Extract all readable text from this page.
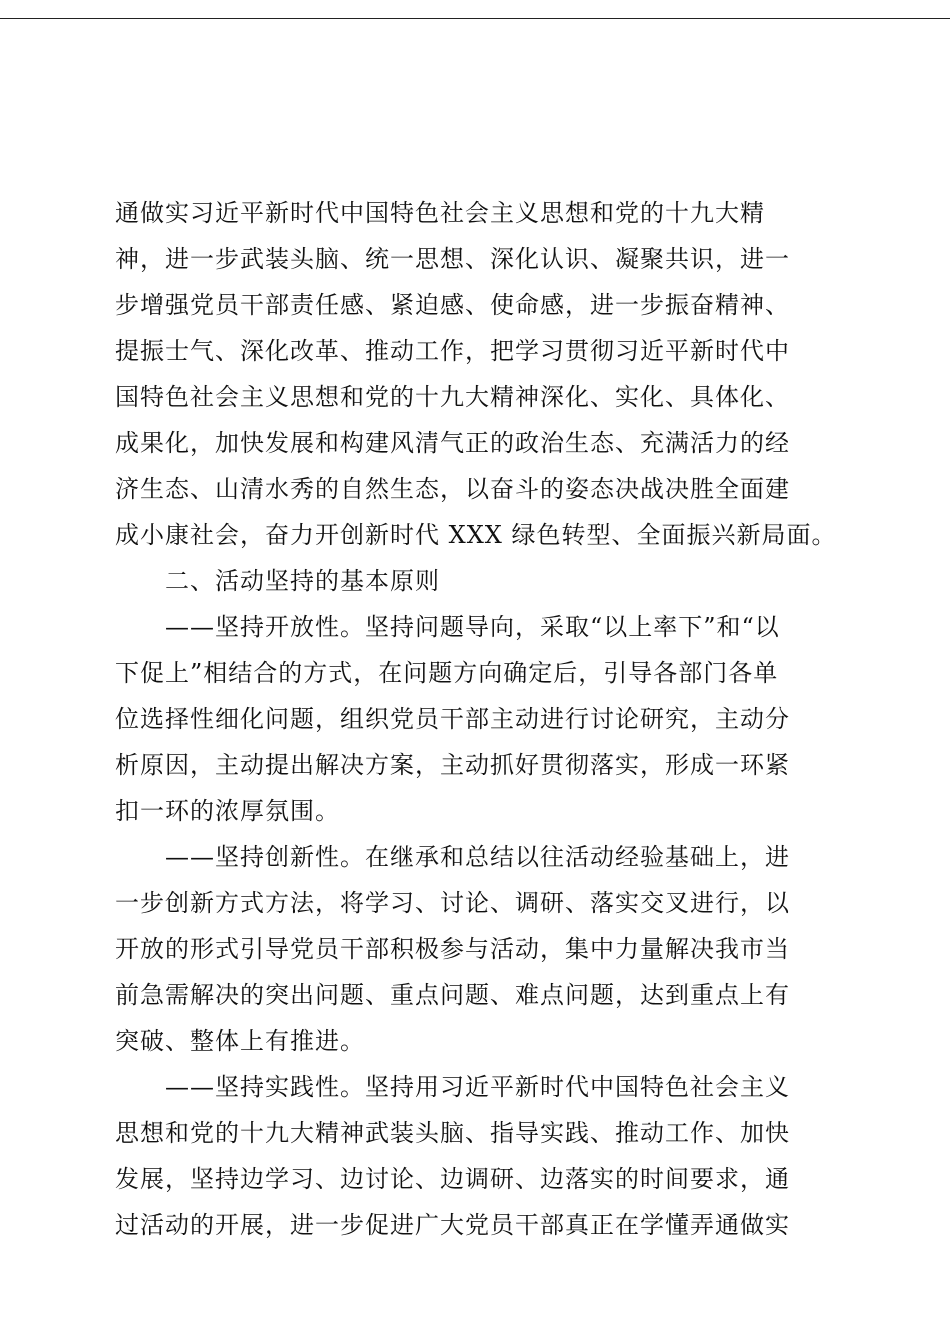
通做实习近平新时代中国特色社会主义思想和党的十九大精
神，进一步武装头脑、统一思想、深化认识、凝聚共识，进一
步增强党员干部责任感、紧迫感、使命感，进一步振奋精神、
提振士气、深化改革、推动工作，把学习贯彻习近平新时代中
国特色社会主义思想和党的十九大精神深化、实化、具体化、
成果化，加快发展和构建风清气正的政治生态、充满活力的经
济生态、山清水秀的自然生态，以奋斗的姿态决战决胜全面建
成小康社会，奋力开创新时代 XXX 绿色转型、全面振兴新局面。
　　二、活动坚持的基本原则
　　——坚持开放性。坚持问题导向，采取“以上率下”和“以
下促上”相结合的方式，在问题方向确定后，引导各部门各单
位选择性细化问题，组织党员干部主动进行讨论研究，主动分
析原因，主动提出解决方案，主动抓好贯彻落实，形成一环紧
扣一环的浓厚氛围。
　　——坚持创新性。在继承和总结以往活动经验基础上，进
一步创新方式方法，将学习、讨论、调研、落实交叉进行，以
开放的形式引导党员干部积极参与活动，集中力量解决我市当
前急需解决的突出问题、重点问题、难点问题，达到重点上有
突破、整体上有推进。
　　——坚持实践性。坚持用习近平新时代中国特色社会主义
思想和党的十九大精神武装头脑、指导实践、推动工作、加快
发展，坚持边学习、边讨论、边调研、边落实的时间要求，通
过活动的开展，进一步促进广大党员干部真正在学懂弄通做实
